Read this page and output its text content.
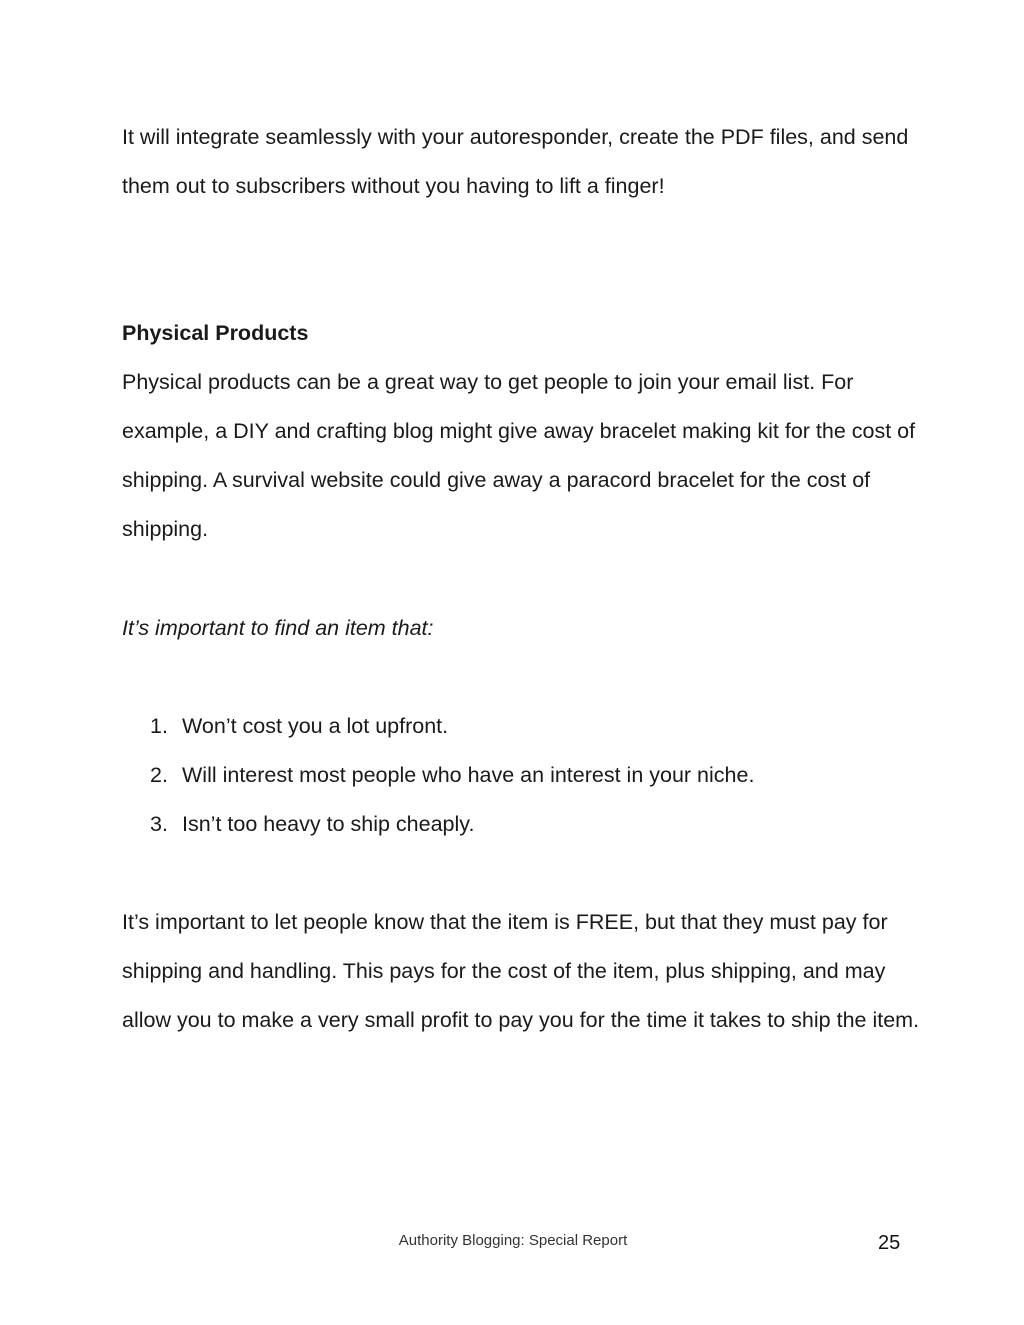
It will integrate seamlessly with your autoresponder, create the PDF files, and send them out to subscribers without you having to lift a finger!

Physical Products

Physical products can be a great way to get people to join your email list. For example, a DIY and crafting blog might give away bracelet making kit for the cost of shipping. A survival website could give away a paracord bracelet for the cost of shipping.

It’s important to find an item that:

1. Won’t cost you a lot upfront.
2. Will interest most people who have an interest in your niche.
3. Isn’t too heavy to ship cheaply.

It’s important to let people know that the item is FREE, but that they must pay for shipping and handling. This pays for the cost of the item, plus shipping, and may allow you to make a very small profit to pay you for the time it takes to ship the item.

Authority Blogging: Special Report	25
